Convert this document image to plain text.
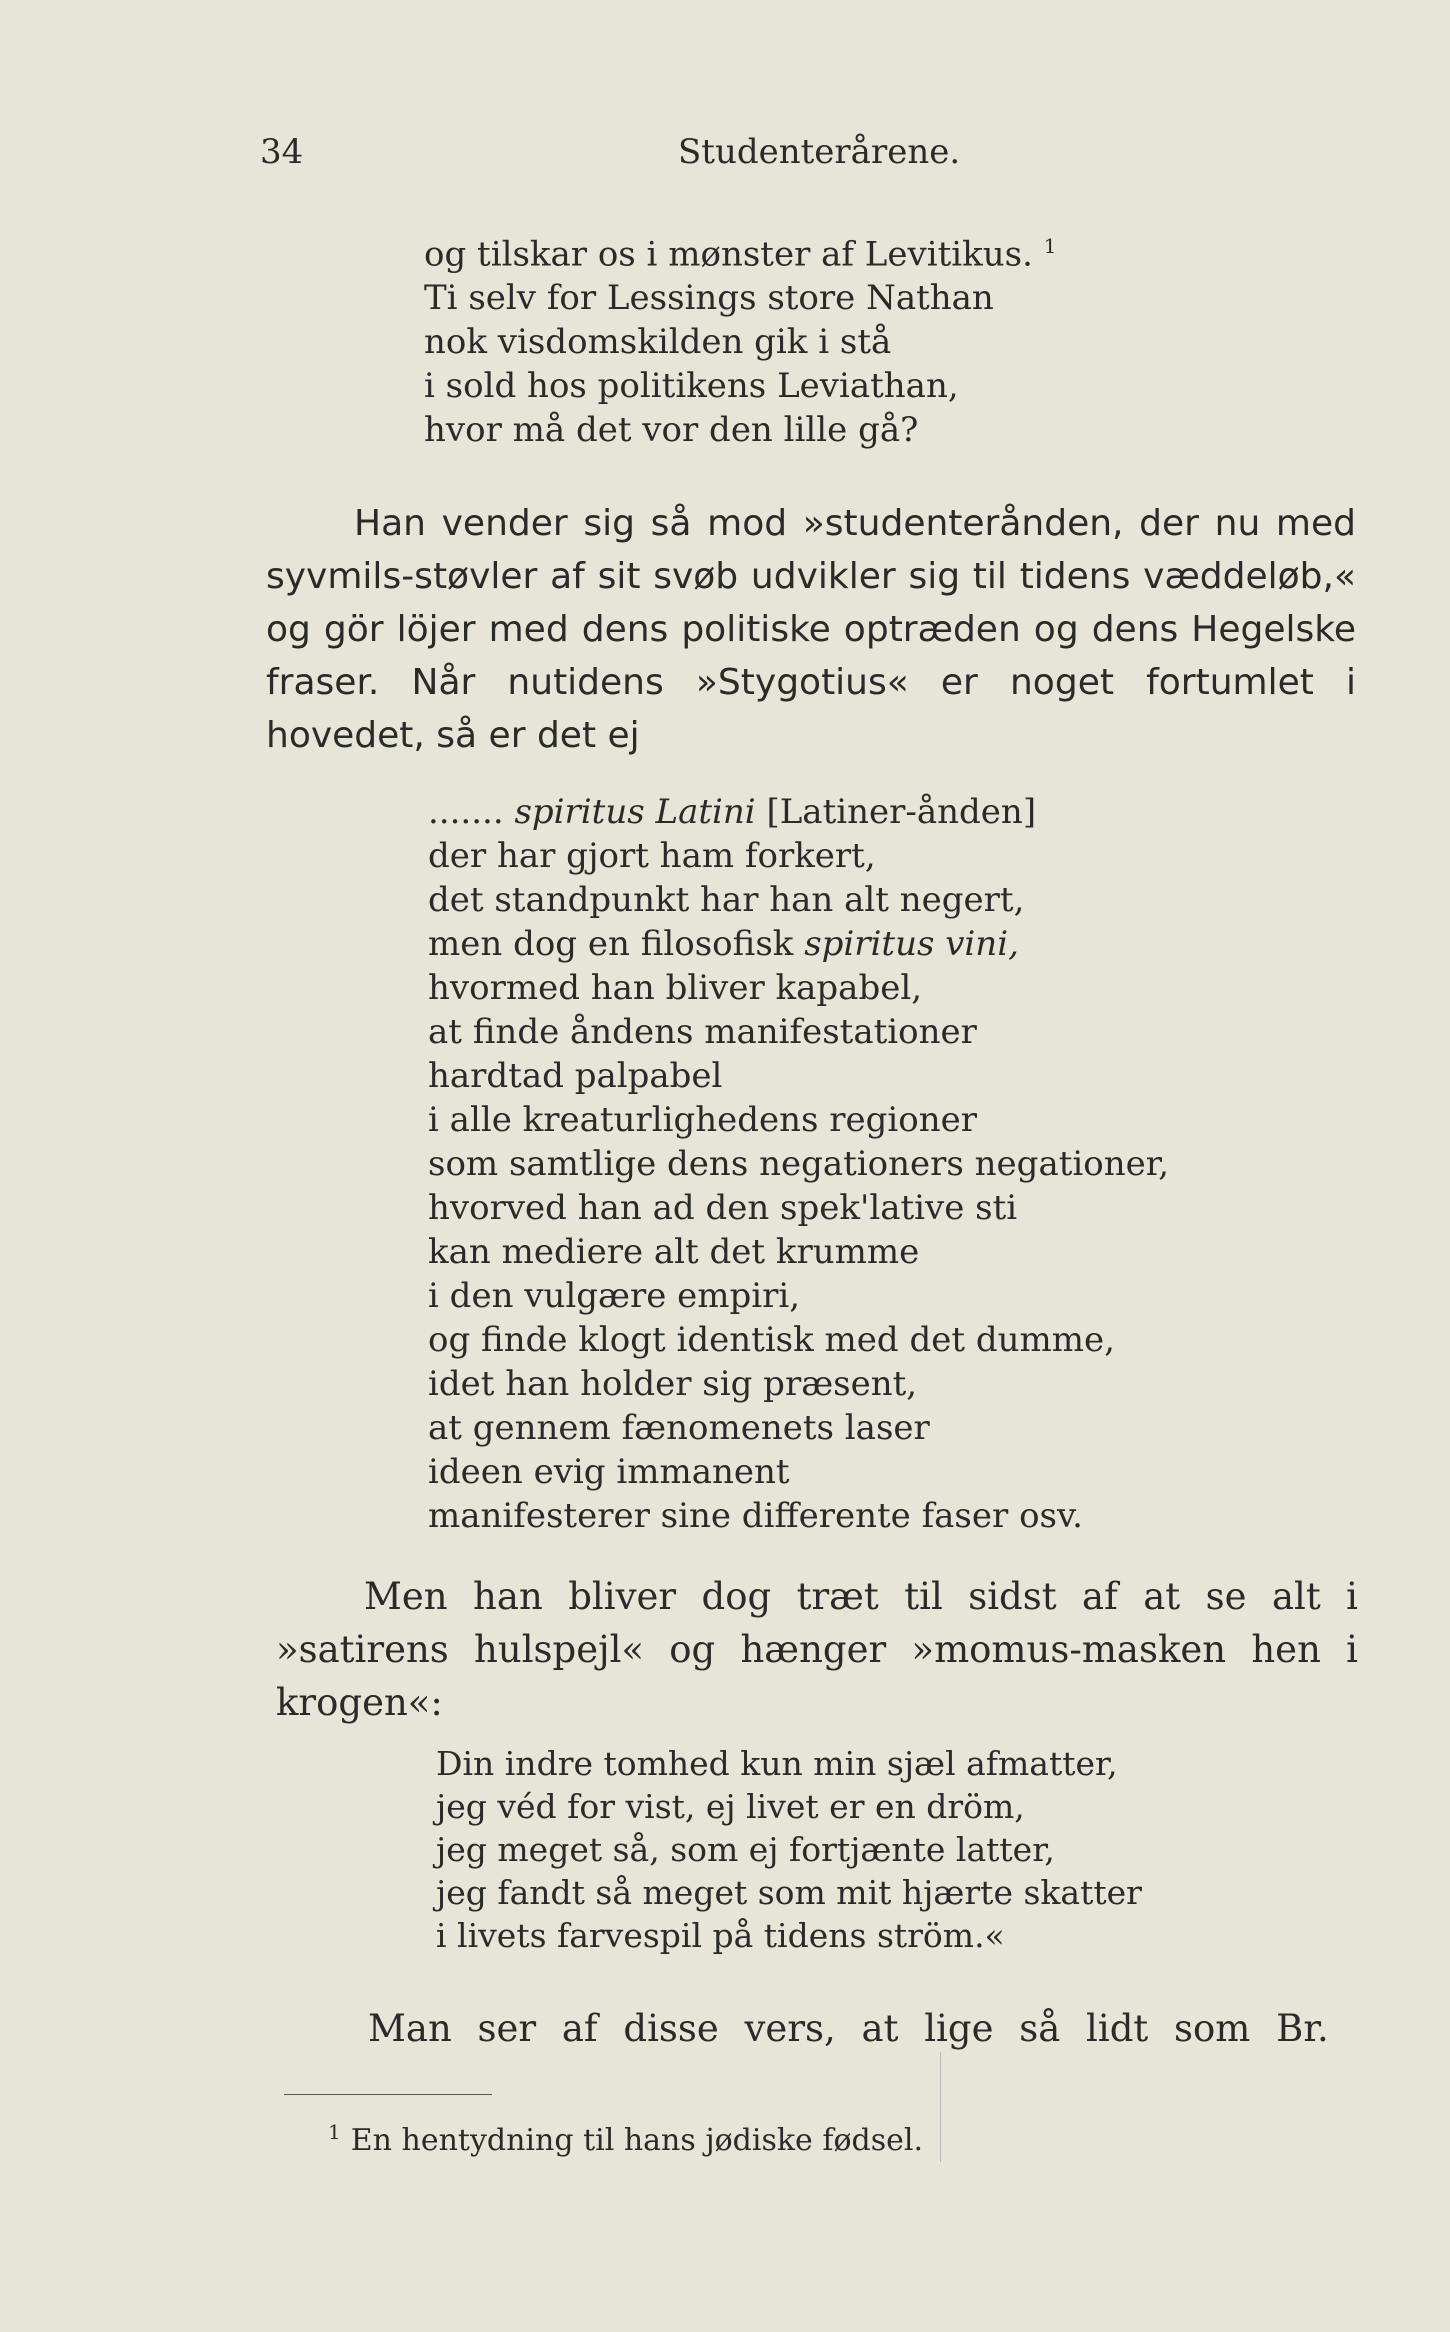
34	Studenterårene.
og tilskar os i mønster af Levitikus. $^1$
Ti selv for Lessings store Nathan
nok visdomskilden gik i stå
i sold hos politikens Leviathan,
hvor må det vor den lille gå?

Han vender sig så mod »studenterånden, der nu med syvmils-støvler af sit svøb udvikler sig til tidens væddeløb,« og gör löjer med dens politiske optræden og dens Hegelske fraser. Når nutidens »Stygotius« er noget fortumlet i hovedet, så er det ej

....... spiritus Latini [Latiner-ånden]
der har gjort ham forkert,
det standpunkt har han alt negert,
men dog en filosofisk spiritus vini,
hvormed han bliver kapabel,
at finde åndens manifestationer
hardtad palpabel
i alle kreaturlighedens regioner
som samtlige dens negationers negationer,
hvorved han ad den spek'lative sti
kan mediere alt det krumme
i den vulgære empiri,
og finde klogt identisk med det dumme,
idet han holder sig præsent,
at gennem fænomenets laser
ideen evig immanent
manifesterer sine differente faser osv.

Men han bliver dog træt til sidst af at se alt i »satirens hulspejl« og hænger »momus-masken hen i krogen«:

Din indre tomhed kun min sjæl afmatter,
jeg véd for vist, ej livet er en dröm,
jeg meget så, som ej fortjænte latter,
jeg fandt så meget som mit hjærte skatter
i livets farvespil på tidens ström.«

Man ser af disse vers, at lige så lidt som Br.

$^1$ En hentydning til hans jødiske fødsel.
